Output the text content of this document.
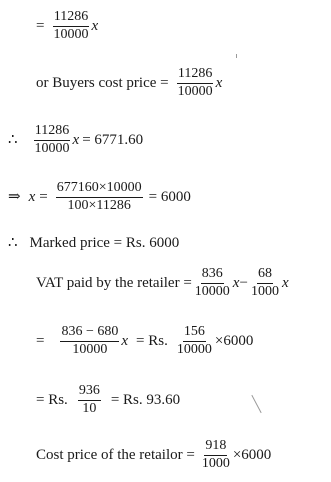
= $\frac{11286}{10000}$ x
or Buyers cost price = $\frac{11286}{10000}$ x
∴ $\frac{11286}{10000}$ x = 6771.60
⇒ $x = \frac{677160\times 10000}{100\times 11286} = 6000$
∴ Marked price = Rs. 6000
VAT paid by the retailer = $\frac{836}{10000}$ $x - \frac{68}{1000}$ x
= $\frac{836 - 680}{10000}$ x = Rs. $\frac{156}{10000} \times 6000$
= Rs. $\frac{936}{10} = Rs$. 93.60
Cost price of the retailor = $\frac{918}{1000} \times 6000$
